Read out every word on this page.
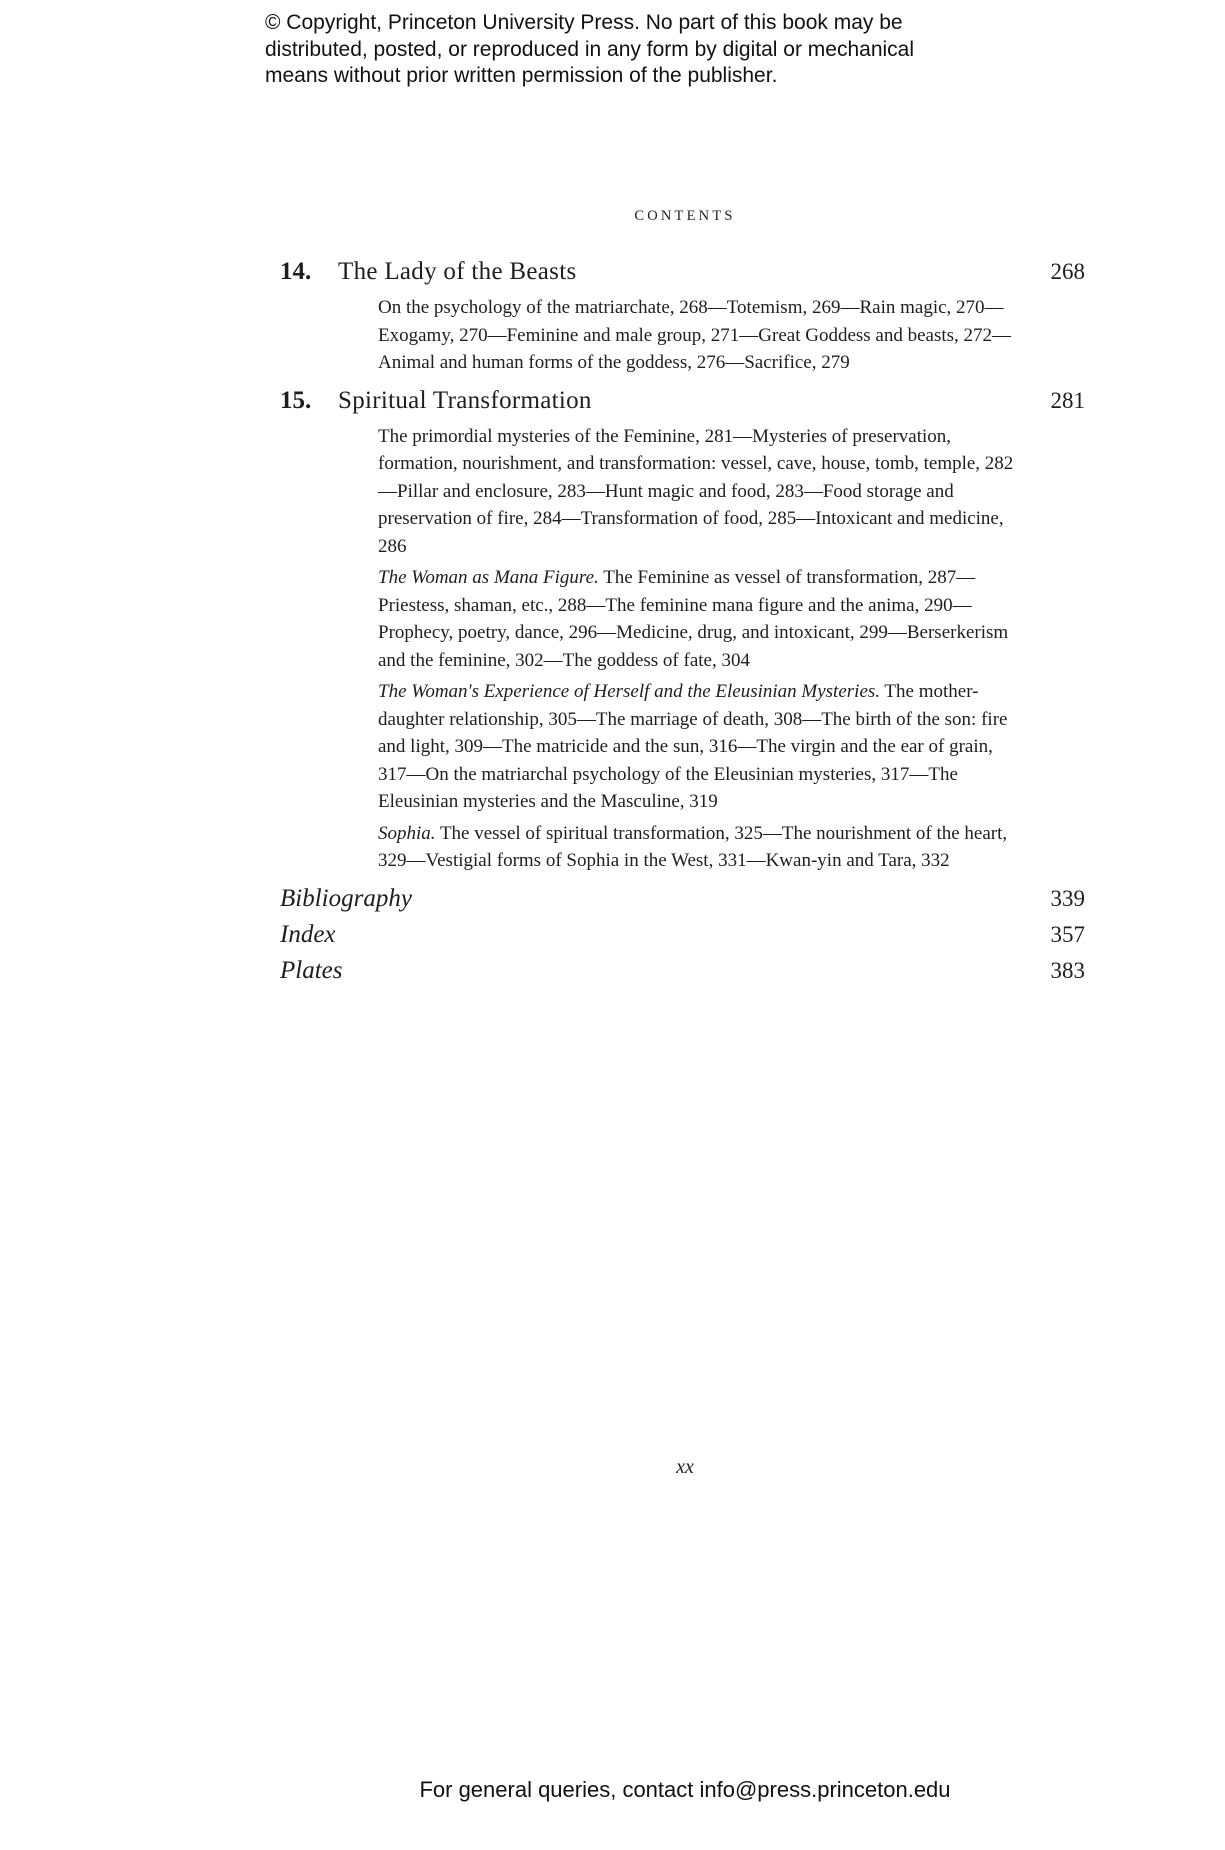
© Copyright, Princeton University Press. No part of this book may be
distributed, posted, or reproduced in any form by digital or mechanical
means without prior written permission of the publisher.
CONTENTS
14. The Lady of the Beasts	268

On the psychology of the matriarchate, 268—Totemism, 269—Rain magic, 270—Exogamy, 270—Feminine and male group, 271—Great Goddess and beasts, 272—Animal and human forms of the goddess, 276—Sacrifice, 279

15. Spiritual Transformation	281

The primordial mysteries of the Feminine, 281—Mysteries of preservation, formation, nourishment, and transformation: vessel, cave, house, tomb, temple, 282—Pillar and enclosure, 283—Hunt magic and food, 283—Food storage and preservation of fire, 284—Transformation of food, 285—Intoxicant and medicine, 286

The Woman as Mana Figure. The Feminine as vessel of transformation, 287—Priestess, shaman, etc., 288—The feminine mana figure and the anima, 290—Prophecy, poetry, dance, 296—Medicine, drug, and intoxicant, 299—Berserkerism and the feminine, 302—The goddess of fate, 304

The Woman's Experience of Herself and the Eleusinian Mysteries. The mother-daughter relationship, 305—The marriage of death, 308—The birth of the son: fire and light, 309—The matricide and the sun, 316—The virgin and the ear of grain, 317—On the matriarchal psychology of the Eleusinian mysteries, 317—The Eleusinian mysteries and the Masculine, 319

Sophia. The vessel of spiritual transformation, 325—The nourishment of the heart, 329—Vestigial forms of Sophia in the West, 331—Kwan-yin and Tara, 332

Bibliography	339
Index	357
Plates	383
xx
For general queries, contact info@press.princeton.edu
